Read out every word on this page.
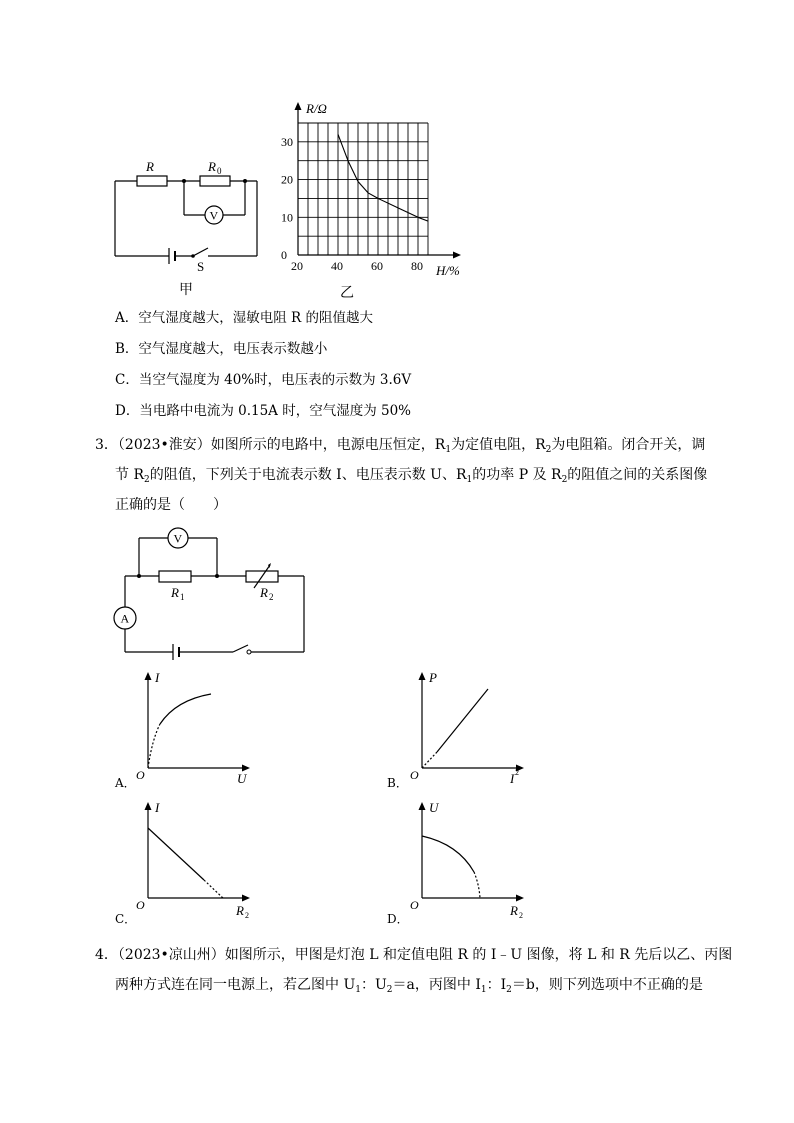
R	R 0
V
S
甲
30
20
10
0
20 40 60 80
R/Ω
H/%
乙
A．空气湿度越大，湿敏电阻 R 的阻值越大
B．空气湿度越大，电压表示数越小
C．当空气湿度为 40%时，电压表的示数为 3.6V
D．当电路中电流为 0.15A 时，空气湿度为 50%
3．（2023•淮安）如图所示的电路中，电源电压恒定，$R_1$为定值电阻，$R_2$为电阻箱。闭合开关，调
节 $R_2$的阻值，下列关于电流表示数 I、电压表示数 U、$R_1$的功率 P 及 $R_2$的阻值之间的关系图像
正确的是（　　）
V
A
R 1	R 2
I
U
O
A．
P
I 2
O
B．
I
R 2
O
C．
U
R 2
O
D．
4．（2023•凉山州）如图所示，甲图是灯泡 L 和定值电阻 R 的 I﹣U 图像，将 L 和 R 先后以乙、丙图
两种方式连在同一电源上，若乙图中 $U_1$：$U_2=a$，丙图中 $I_1$：$I_2=b$，则下列选项中不正确的是
